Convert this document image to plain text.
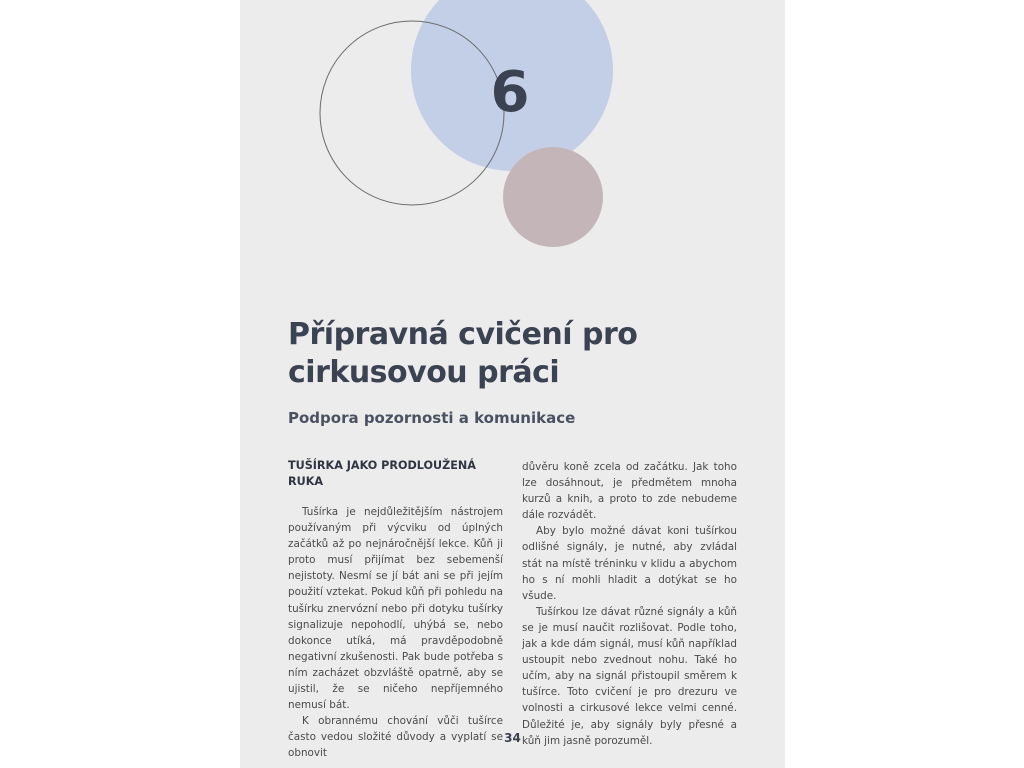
6
Přípravná cvičení pro cirkusovou práci
Podpora pozornosti a komunikace
TUŠÍRKA JAKO PRODLOUŽENÁ RUKA

Tušírka je nejdůležitějším nástrojem používaným při výcviku od úplných začátků až po nejnáročnější lekce. Kůň ji proto musí přijímat bez sebemenší nejistoty. Nesmí se jí bát ani se při jejím použití vztekat. Pokud kůň při pohledu na tušírku znervózní nebo při dotyku tušírky signalizuje nepohodlí, uhýbá se, nebo dokonce utíká, má pravděpodobně negativní zkušenosti. Pak bude potřeba s ním zacházet obzvláště opatrně, aby se ujistil, že se ničeho nepříjemného nemusí bát.

K obrannému chování vůči tušírce často vedou složité důvody a vyplatí se obnovit

důvěru koně zcela od začátku. Jak toho lze dosáhnout, je předmětem mnoha kurzů a knih, a proto to zde nebudeme dále rozvádět.

Aby bylo možné dávat koni tušírkou odlišné signály, je nutné, aby zvládal stát na místě tréninku v klidu a abychom ho s ní mohli hladit a dotýkat se ho všude.

Tušírkou lze dávat různé signály a kůň se je musí naučit rozlišovat. Podle toho, jak a kde dám signál, musí kůň například ustoupit nebo zvednout nohu. Také ho učím, aby na signál přistoupil směrem k tušírce. Toto cvičení je pro drezuru ve volnosti a cirkusové lekce velmi cenné. Důležité je, aby signály byly přesné a kůň jim jasně porozuměl.

34
